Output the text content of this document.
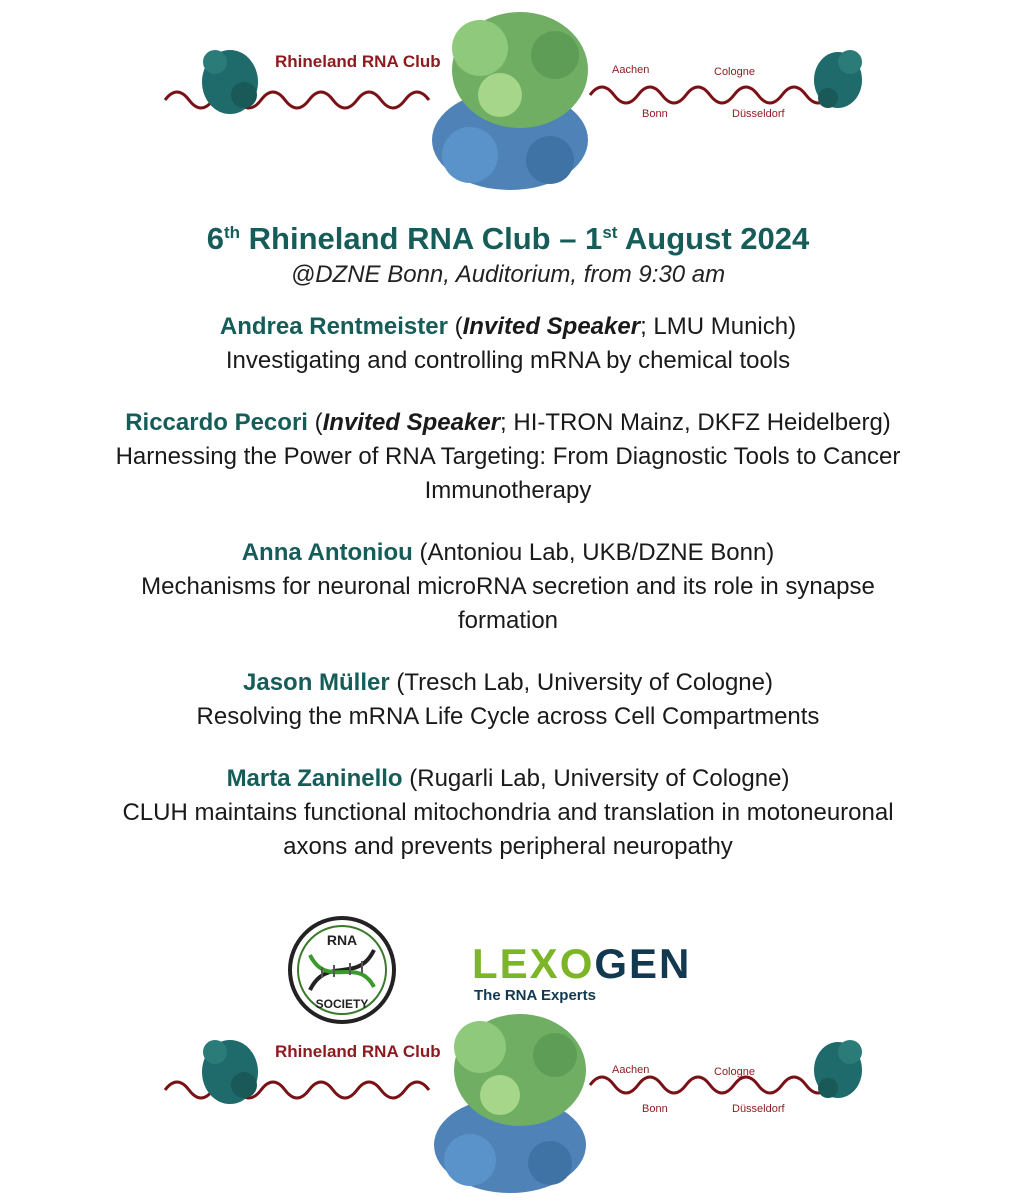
Rhineland RNA Club	Aachen	Cologne
Bonn	Düsseldorf
6th Rhineland RNA Club – 1st August 2024

@DZNE Bonn, Auditorium, from 9:30 am

Andrea Rentmeister (Invited Speaker; LMU Munich)
Investigating and controlling mRNA by chemical tools
Riccardo Pecori (Invited Speaker; HI-TRON Mainz, DKFZ Heidelberg) Harnessing the Power of RNA Targeting: From Diagnostic Tools to Cancer Immunotherapy
Anna Antoniou (Antoniou Lab, UKB/DZNE Bonn)
Mechanisms for neuronal microRNA secretion and its role in synapse formation
Jason Müller (Tresch Lab, University of Cologne)
Resolving the mRNA Life Cycle across Cell Compartments
Marta Zaninello (Rugarli Lab, University of Cologne)
CLUH maintains functional mitochondria and translation in motoneuronal axons and prevents peripheral neuropathy
RNA
SOCIETY
LEXOGEN
The RNA Experts
Rhineland RNA Club
Aachen	Cologne
Bonn	Düsseldorf
